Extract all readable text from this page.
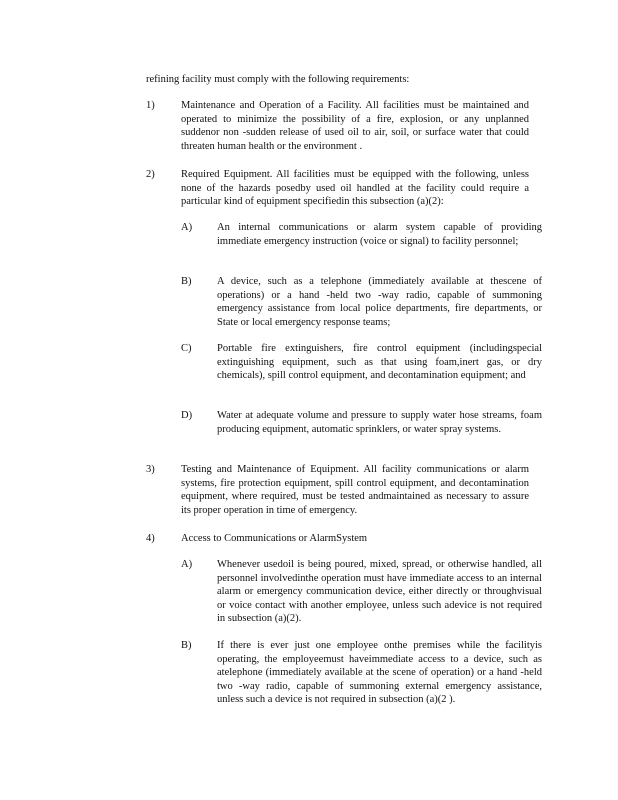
refining facility must comply with the following requirements:
1)	Maintenance and Operation of a Facility. All facilities must be maintained and operated to minimize the possibility of a fire, explosion, or any unplanned suddenor non -sudden release of used oil to air, soil, or surface water that could threaten human health or the environment .
2)	Required Equipment. All facilities must be equipped with the following, unless none of the hazards posedby used oil handled at the facility could require a particular kind of equipment specifiedin this subsection (a)(2):
A) An internal communications or alarm system capable of providing immediate emergency instruction (voice or signal) to facility personnel;
B) A device, such as a telephone (immediately available at thescene of operations) or a hand -held two -way radio, capable of summoning emergency assistance from local police departments, fire departments, or State or local emergency response teams;
C) Portable fire extinguishers, fire control equipment (includingspecial extinguishing equipment, such as that using foam,inert gas, or dry chemicals), spill control equipment, and decontamination equipment; and
D) Water at adequate volume and pressure to supply water hose streams, foam producing equipment, automatic sprinklers, or water spray systems.
3)	Testing and Maintenance of Equipment. All facility communications or alarm systems, fire protection equipment, spill control equipment, and decontamination equipment, where required, must be tested andmaintained as necessary to assure its proper operation in time of emergency.
4)	Access to Communications or AlarmSystem
A) Whenever usedoil is being poured, mixed, spread, or otherwise handled, all personnel involvedinthe operation must have immediate access to an internal alarm or emergency communication device, either directly or throughvisual or voice contact with another employee, unless such adevice is not required in subsection (a)(2).
B) If there is ever just one employee onthe premises while the facilityis operating, the employeemust haveimmediate access to a device, such as atelephone (immediately available at the scene of operation) or a hand -held two -way radio, capable of summoning external emergency assistance, unless such a device is not required in subsection (a)(2 ).
